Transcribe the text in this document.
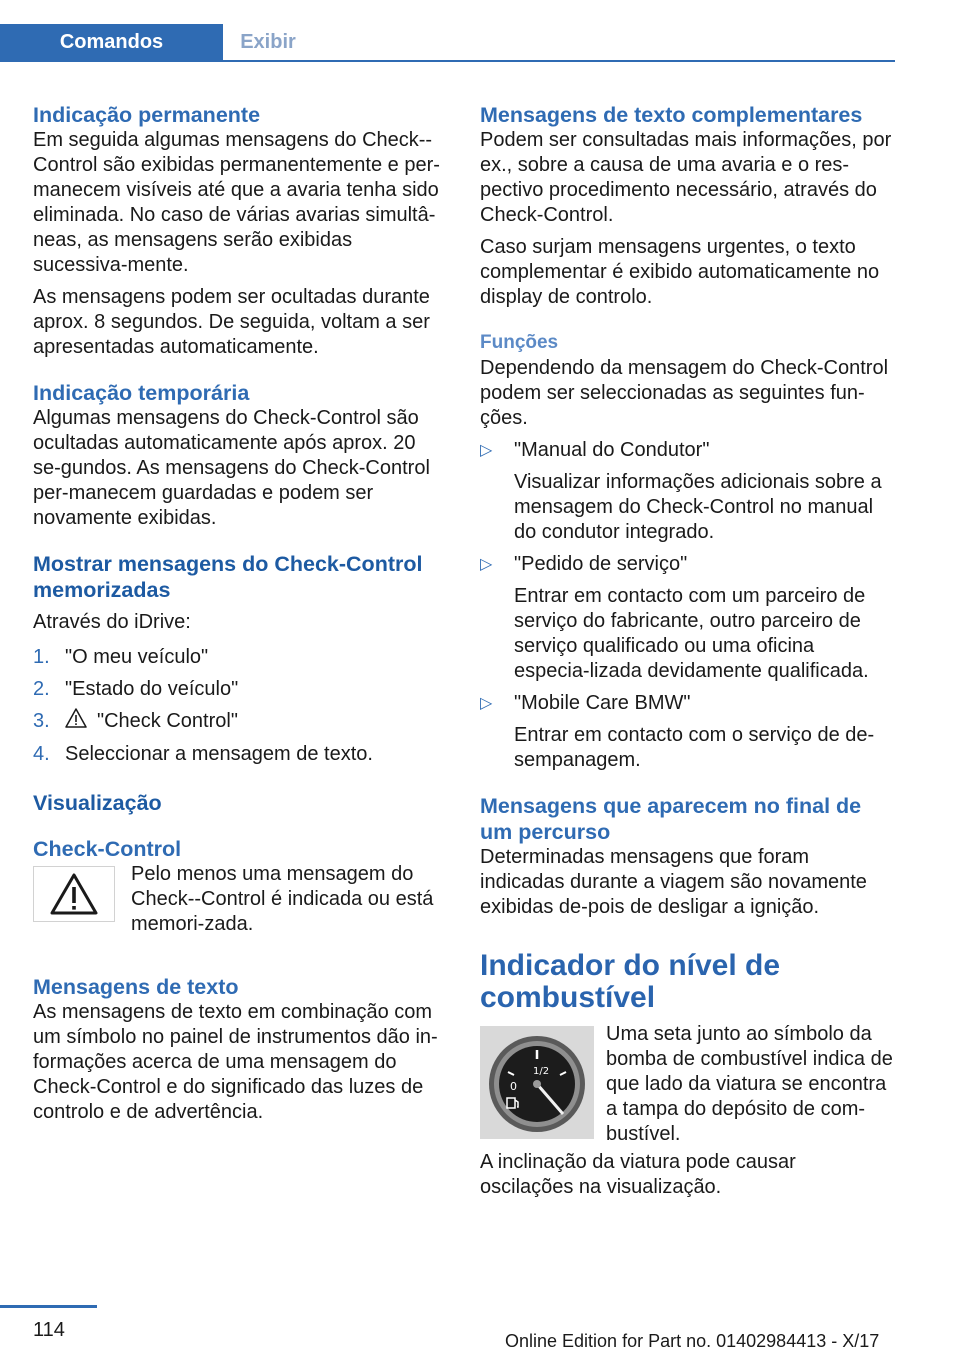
Comandos	Exibir
Indicação permanente

Em seguida algumas mensagens do Check--Control são exibidas permanentemente e per-manecem visíveis até que a avaria tenha sido eliminada. No caso de várias avarias simultâ-neas, as mensagens serão exibidas sucessiva-mente.

As mensagens podem ser ocultadas durante aprox. 8 segundos. De seguida, voltam a ser apresentadas automaticamente.

Indicação temporária

Algumas mensagens do Check-Control são ocultadas automaticamente após aprox. 20 se-gundos. As mensagens do Check-Control per-manecem guardadas e podem ser novamente exibidas.

Mostrar mensagens do Check-Control memorizadas

Através do iDrive:

1. "O meu veículo"
2. "Estado do veículo"
3. "Check Control"
4. Seleccionar a mensagem de texto.
Visualização
Check-Control

Pelo menos uma mensagem do Check--Control é indicada ou está memori-zada.

Mensagens de texto

As mensagens de texto em combinação com um símbolo no painel de instrumentos dão in-formações acerca de uma mensagem do Check-Control e do significado das luzes de controlo e de advertência.

Mensagens de texto complementares

Podem ser consultadas mais informações, por ex., sobre a causa de uma avaria e o res-pectivo procedimento necessário, através do Check-Control.

Caso surjam mensagens urgentes, o texto complementar é exibido automaticamente no display de controlo.

Funções

Dependendo da mensagem do Check-Control podem ser seleccionadas as seguintes fun-ções.

▷ "Manual do Condutor"
Visualizar informações adicionais sobre a mensagem do Check-Control no manual do condutor integrado.
▷ "Pedido de serviço"
Entrar em contacto com um parceiro de serviço do fabricante, outro parceiro de serviço qualificado ou uma oficina especia-lizada devidamente qualificada.
▷ "Mobile Care BMW"
Entrar em contacto com o serviço de de-sempanagem.
Mensagens que aparecem no final de um percurso

Determinadas mensagens que foram indicadas durante a viagem são novamente exibidas de-pois de desligar a ignição.

Indicador do nível de combustível
1/2
0

Uma seta junto ao símbolo da bomba de combustível indica de que lado da viatura se encontra a tampa do depósito de com-bustível.

A inclinação da viatura pode causar oscilações na visualização.

114	Online Edition for Part no. 01402984413 - X/17
